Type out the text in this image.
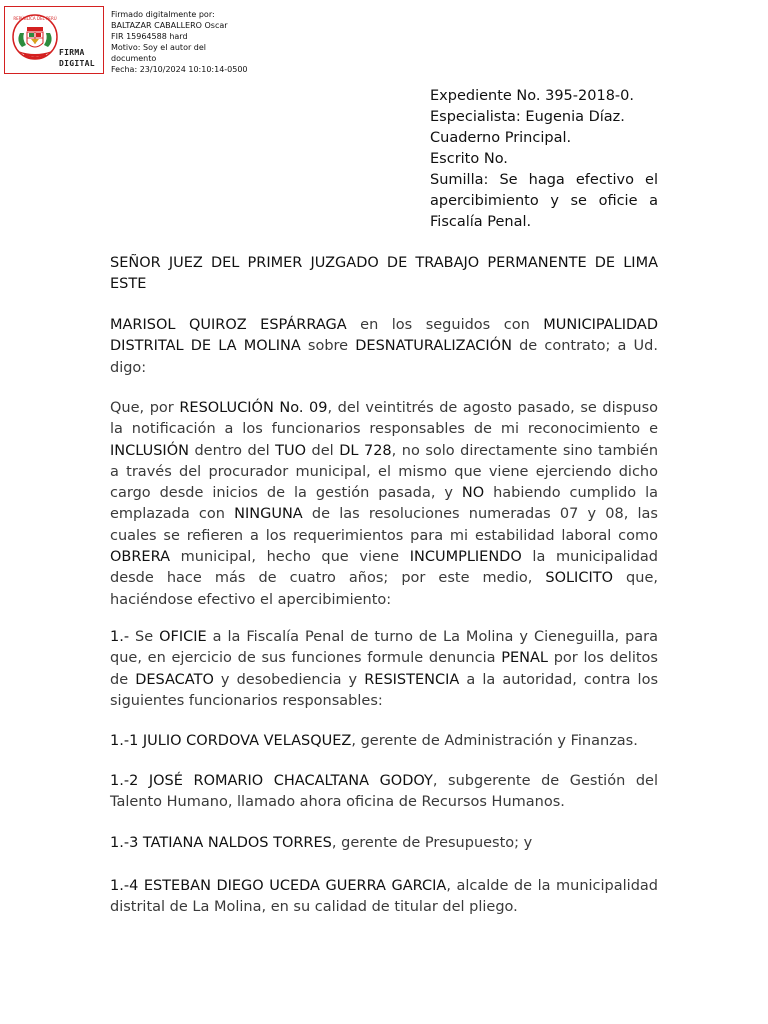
REPÚBLICA DEL PERÚ
FIRMA
DIGITAL
Firmado digitalmente por:
BALTAZAR CABALLERO Oscar
FIR 15964588 hard
Motivo: Soy el autor del
documento
Fecha: 23/10/2024 10:10:14-0500
Expediente No. 395-2018-0.
Especialista: Eugenia Díaz.
Cuaderno Principal.
Escrito No.
Sumilla: Se haga efectivo el apercibimiento y se oficie a Fiscalía Penal.

SEÑOR JUEZ DEL PRIMER JUZGADO DE TRABAJO PERMANENTE DE LIMA ESTE

MARISOL QUIROZ ESPÁRRAGA en los seguidos con MUNICIPALIDAD DISTRITAL DE LA MOLINA sobre DESNATURALIZACIÓN de contrato; a Ud. digo:

Que, por RESOLUCIÓN No. 09, del veintitrés de agosto pasado, se dispuso la notificación a los funcionarios responsables de mi reconocimiento e INCLUSIÓN dentro del TUO del DL 728, no solo directamente sino también a través del procurador municipal, el mismo que viene ejerciendo dicho cargo desde inicios de la gestión pasada, y NO habiendo cumplido la emplazada con NINGUNA de las resoluciones numeradas 07 y 08, las cuales se refieren a los requerimientos para mi estabilidad laboral como OBRERA municipal, hecho que viene INCUMPLIENDO la municipalidad desde hace más de cuatro años; por este medio, SOLICITO que, haciéndose efectivo el apercibimiento:

1.- Se OFICIE a la Fiscalía Penal de turno de La Molina y Cieneguilla, para que, en ejercicio de sus funciones formule denuncia PENAL por los delitos de DESACATO y desobediencia y RESISTENCIA a la autoridad, contra los siguientes funcionarios responsables:

1.-1 JULIO CORDOVA VELASQUEZ, gerente de Administración y Finanzas.

1.-2 JOSÉ ROMARIO CHACALTANA GODOY, subgerente de Gestión del Talento Humano, llamado ahora oficina de Recursos Humanos.

1.-3 TATIANA NALDOS TORRES, gerente de Presupuesto; y

1.-4 ESTEBAN DIEGO UCEDA GUERRA GARCIA, alcalde de la municipalidad distrital de La Molina, en su calidad de titular del pliego.
